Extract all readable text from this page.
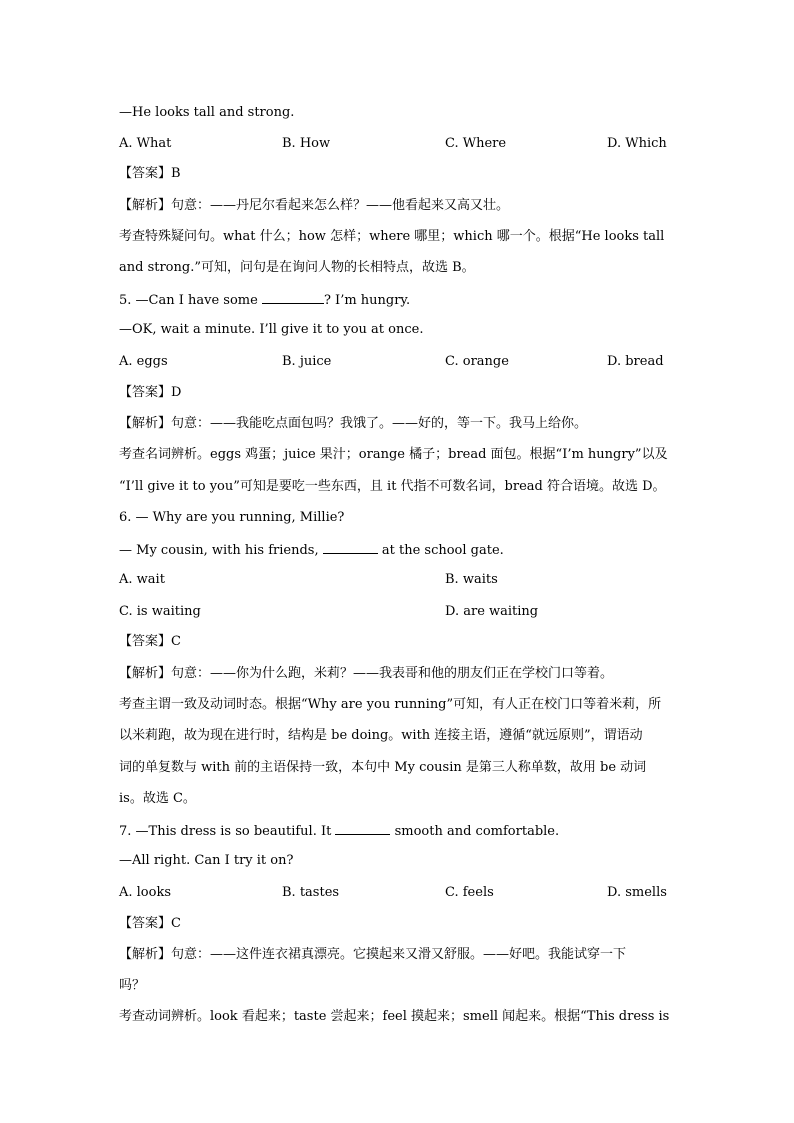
—He looks tall and strong.
A. What	B. How	C. Where	D. Which
【答案】B
【解析】句意：——丹尼尔看起来怎么样？——他看起来又高又壮。
考查特殊疑问句。what 什么；how 怎样；where 哪里；which 哪一个。根据“He looks tall
and strong.”可知，问句是在询问人物的长相特点，故选 B。
5. —Can I have some	? I’m hungry.
—OK, wait a minute. I’ll give it to you at once.
A. eggs	B. juice	C. orange	D. bread
【答案】D
【解析】句意：——我能吃点面包吗？我饿了。——好的，等一下。我马上给你。
考查名词辨析。eggs 鸡蛋；juice 果汁；orange 橘子；bread 面包。根据“I’m hungry”以及
“I’ll give it to you”可知是要吃一些东西，且 it 代指不可数名词，bread 符合语境。故选 D。
6. — Why are you running, Millie?
— My cousin, with his friends,	at the school gate.
A. wait	B. waits
C. is waiting	D. are waiting
【答案】C
【解析】句意：——你为什么跑，米莉？——我表哥和他的朋友们正在学校门口等着。
考查主谓一致及动词时态。根据“Why are you running”可知，有人正在校门口等着米莉，所
以米莉跑，故为现在进行时，结构是 be doing。with 连接主语，遵循“就远原则”，谓语动
词的单复数与 with 前的主语保持一致，本句中 My cousin 是第三人称单数，故用 be 动词
is。故选 C。
7. —This dress is so beautiful. It	smooth and comfortable.
—All right. Can I try it on?
A. looks	B. tastes	C. feels	D. smells
【答案】C
【解析】句意：——这件连衣裙真漂亮。它摸起来又滑又舒服。——好吧。我能试穿一下
吗？
考查动词辨析。look 看起来；taste 尝起来；feel 摸起来；smell 闻起来。根据“This dress is
